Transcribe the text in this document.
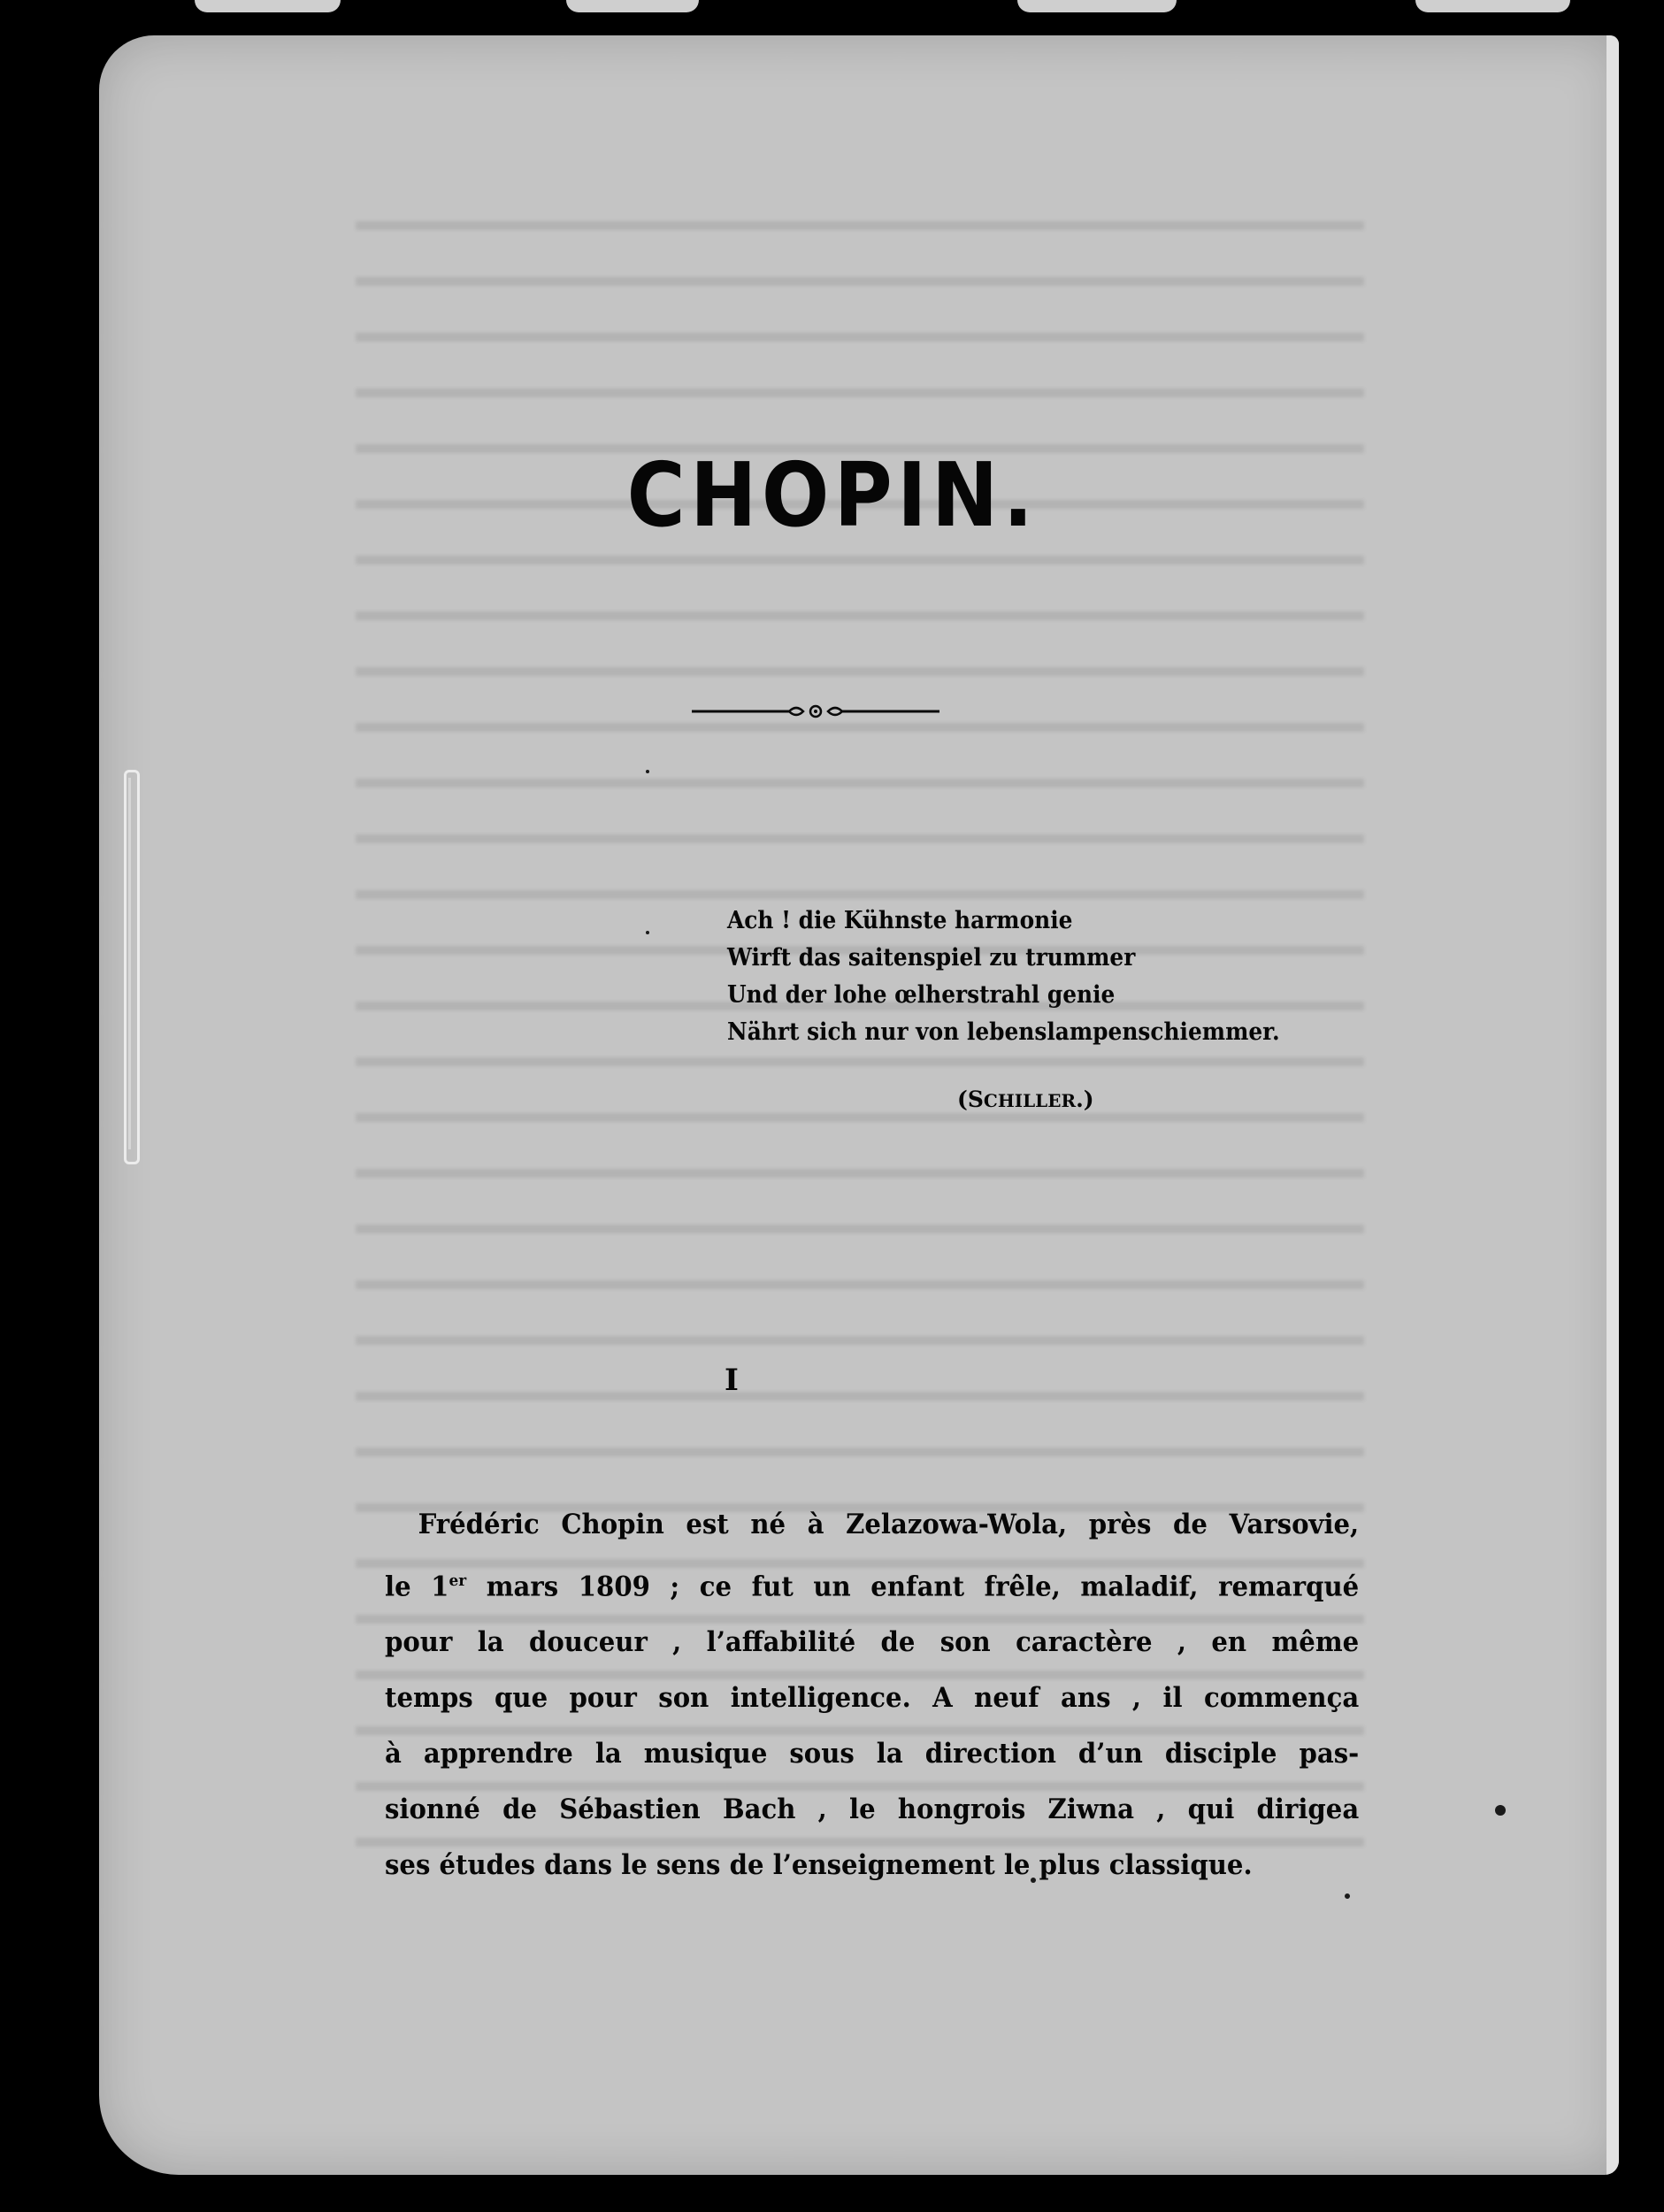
CHOPIN.
Ach ! die Kühnste harmonie
Wirft das saitenspiel zu trummer
Und der lohe œlherstrahl genie
Nährt sich nur von lebenslampenschiemmer.
(SCHILLER.)
I
Frédéric Chopin est né à Zelazowa-Wola, près de Varsovie,
le 1er mars 1809 ; ce fut un enfant frêle, maladif, remarqué
pour la douceur , l’affabilité de son caractère , en même
temps que pour son intelligence. A neuf ans , il commença
à apprendre la musique sous la direction d’un disciple pas-
sionné de Sébastien Bach , le hongrois Ziwna , qui dirigea
ses études dans le sens de l’enseignement le plus classique.
